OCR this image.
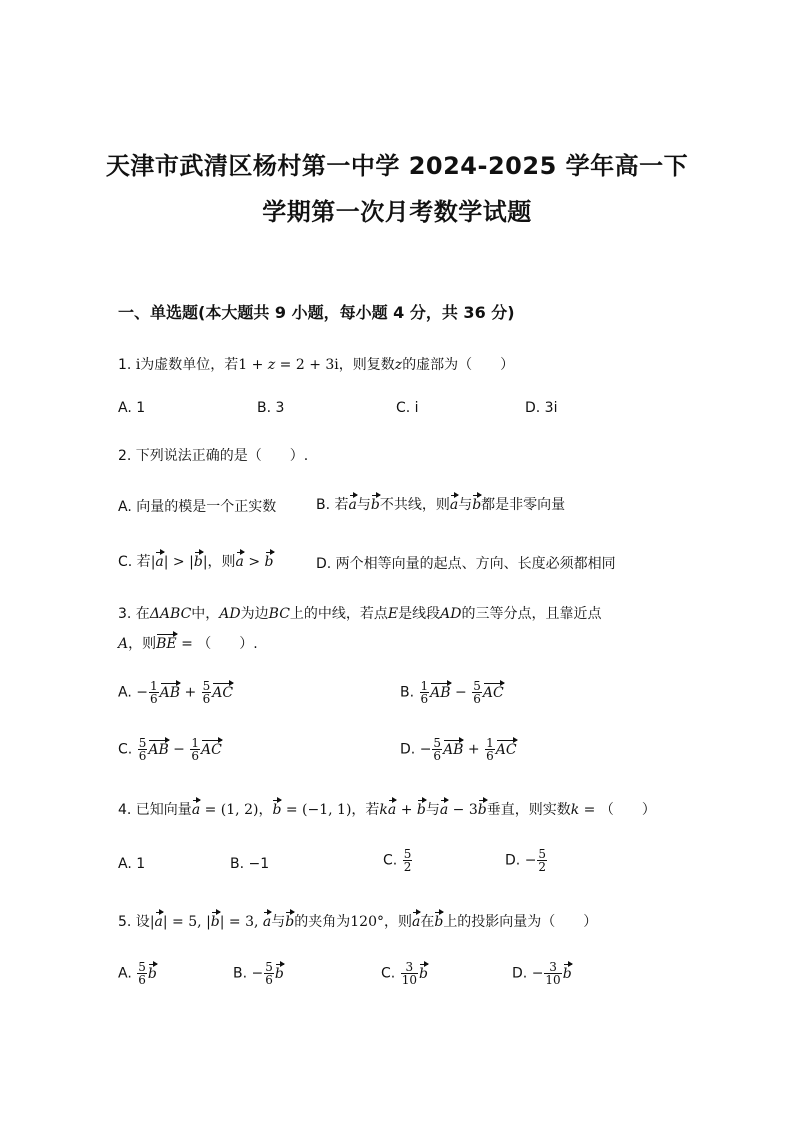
天津市武清区杨村第一中学 2024-2025 学年高一下
学期第一次月考数学试题
一、单选题(本大题共 9 小题，每小题 4 分，共 36 分)
1. i为虚数单位，若1 + z = 2 + 3i，则复数z的虚部为（　　）
A. 1	B. 3	C. i	D. 3i
2. 下列说法正确的是（　　）.
A. 向量的模是一个正实数	B. 若a与b不共线，则a与b都是非零向量
C. 若|a| > |b|，则a > b	D. 两个相等向量的起点、方向、长度必须都相同
3. 在ΔABC中，AD为边BC上的中线，若点E是线段AD的三等分点，且靠近点
A，则BE = （　　）.
A. − $\frac{1}{6}$ AB + $\frac{5}{6}$ AC	B. $\frac{1}{6}$ AB − $\frac{5}{6}$ AC
C. $\frac{5}{6}$ AB − $\frac{1}{6}$ AC	D. − $\frac{5}{6}$ AB + $\frac{1}{6}$ AC
4. 已知向量a = (1, 2)，b = (−1, 1)，若ka + b与a − 3b垂直，则实数k = （　　）
A. 1	B. −1	C. $\frac{5}{2}$	D. − $\frac{5}{2}$
5. 设|a| = 5, |b| = 3, a与b的夹角为120°，则a在b上的投影向量为（　　）
A. $\frac{5}{6}$ b	B. − $\frac{5}{6}$ b	C. $\frac{3}{10}$ b	D. − $\frac{3}{10}$ b
